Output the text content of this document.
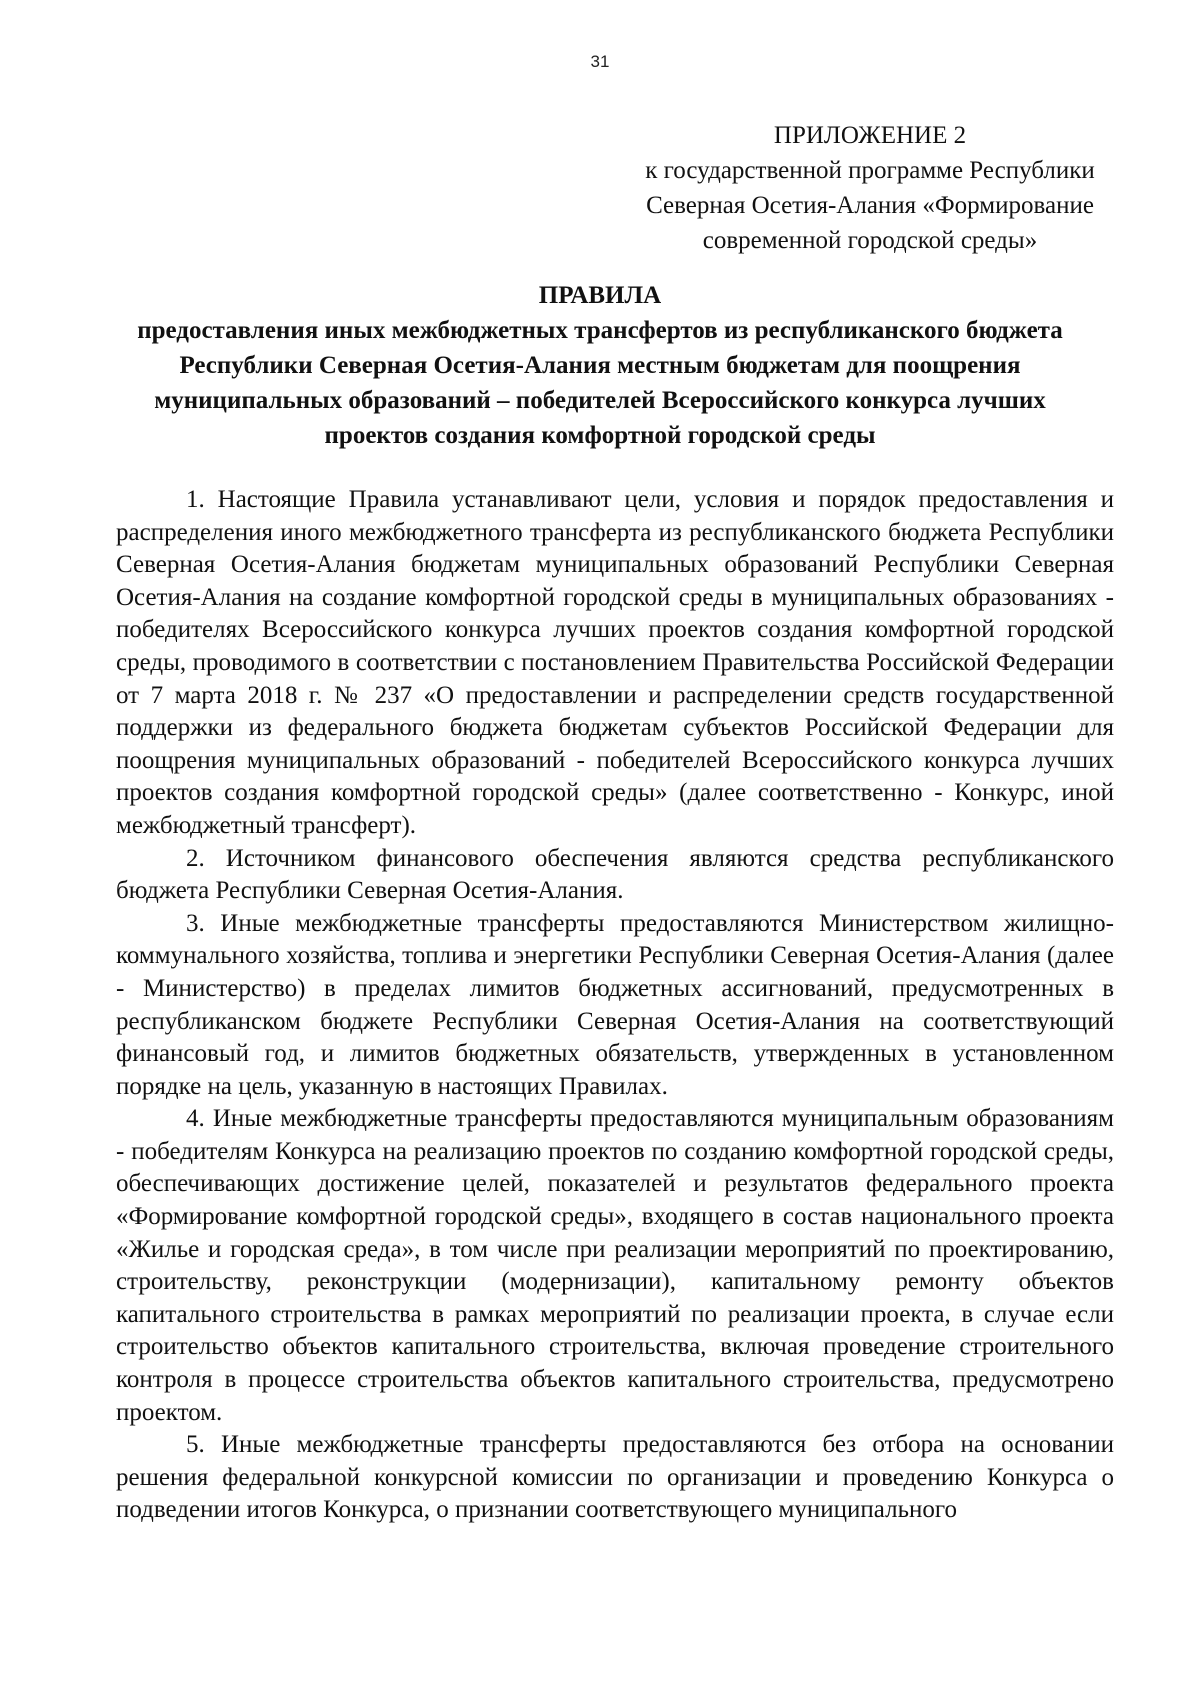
31
ПРИЛОЖЕНИЕ 2
к государственной программе Республики
Северная Осетия-Алания «Формирование
современной городской среды»
ПРАВИЛА
предоставления иных межбюджетных трансфертов из республиканского бюджета
Республики Северная Осетия-Алания местным бюджетам для поощрения
муниципальных образований – победителей Всероссийского конкурса лучших
проектов создания комфортной городской среды

1. Настоящие Правила устанавливают цели, условия и порядок предоставления и распределения иного межбюджетного трансферта из республиканского бюджета Республики Северная Осетия-Алания бюджетам муниципальных образований Республики Северная Осетия-Алания на создание комфортной городской среды в муниципальных образованиях - победителях Всероссийского конкурса лучших проектов создания комфортной городской среды, проводимого в соответствии с постановлением Правительства Российской Федерации от 7 марта 2018 г. № 237 «О предоставлении и распределении средств государственной поддержки из федерального бюджета бюджетам субъектов Российской Федерации для поощрения муниципальных образований - победителей Всероссийского конкурса лучших проектов создания комфортной городской среды» (далее соответственно - Конкурс, иной межбюджетный трансферт).

2. Источником финансового обеспечения являются средства республиканского бюджета Республики Северная Осетия-Алания.

3. Иные межбюджетные трансферты предоставляются Министерством жилищно-коммунального хозяйства, топлива и энергетики Республики Северная Осетия-Алания (далее - Министерство) в пределах лимитов бюджетных ассигнований, предусмотренных в республиканском бюджете Республики Северная Осетия-Алания на соответствующий финансовый год, и лимитов бюджетных обязательств, утвержденных в установленном порядке на цель, указанную в настоящих Правилах.

4. Иные межбюджетные трансферты предоставляются муниципальным образованиям - победителям Конкурса на реализацию проектов по созданию комфортной городской среды, обеспечивающих достижение целей, показателей и результатов федерального проекта «Формирование комфортной городской среды», входящего в состав национального проекта «Жилье и городская среда», в том числе при реализации мероприятий по проектированию, строительству, реконструкции (модернизации), капитальному ремонту объектов капитального строительства в рамках мероприятий по реализации проекта, в случае если строительство объектов капитального строительства, включая проведение строительного контроля в процессе строительства объектов капитального строительства, предусмотрено проектом.

5. Иные межбюджетные трансферты предоставляются без отбора на основании решения федеральной конкурсной комиссии по организации и проведению Конкурса о подведении итогов Конкурса, о признании соответствующего муниципального
